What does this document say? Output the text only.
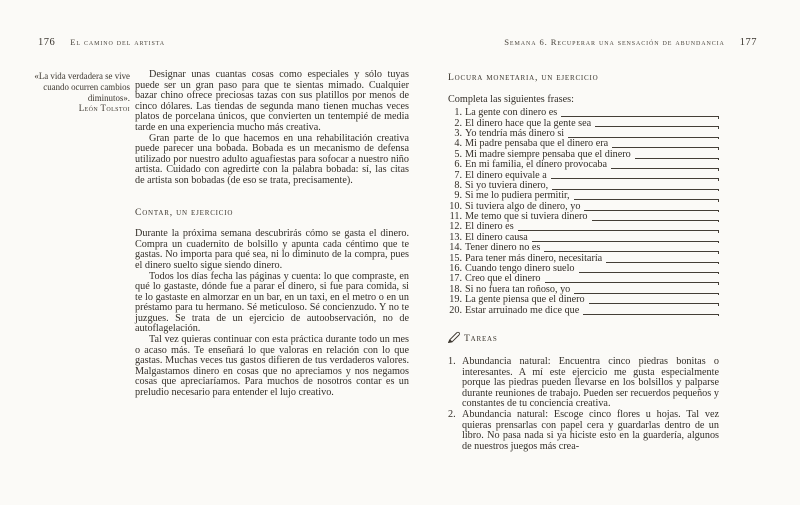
176 El camino del artista
«La vida verdadera se vive cuando ocurren cambios diminutos».
León Tolstoi

Designar unas cuantas cosas como especiales y sólo tuyas puede ser un gran paso para que te sientas mimado. Cualquier bazar chino ofrece preciosas tazas con sus platillos por menos de cinco dólares. Las tiendas de segunda mano tienen muchas veces platos de porcelana únicos, que convierten un tentempié de media tarde en una experiencia mucho más creativa.

Gran parte de lo que hacemos en una rehabilitación creativa puede parecer una bobada. Bobada es un mecanismo de defensa utilizado por nuestro adulto aguafiestas para sofocar a nuestro niño artista. Cuidado con agredirte con la palabra bobada: sí, las citas de artista son bobadas (de eso se trata, precisamente).

Contar, un ejercicio

Durante la próxima semana descubrirás cómo se gasta el dinero. Compra un cuadernito de bolsillo y apunta cada céntimo que te gastas. No importa para qué sea, ni lo diminuto de la compra, pues el dinero suelto sigue siendo dinero.

Todos los días fecha las páginas y cuenta: lo que compraste, en qué lo gastaste, dónde fue a parar el dinero, si fue para comida, si te lo gastaste en almorzar en un bar, en un taxi, en el metro o en un préstamo para tu hermano. Sé meticuloso. Sé concienzudo. Y no te juzgues. Se trata de un ejercicio de autoobservación, no de autoflagelación.

Tal vez quieras continuar con esta práctica durante todo un mes o acaso más. Te enseñará lo que valoras en relación con lo que gastas. Muchas veces tus gastos difieren de tus verdaderos valores. Malgastamos dinero en cosas que no apreciamos y nos negamos cosas que apreciaríamos. Para muchos de nosotros contar es un preludio necesario para entender el lujo creativo.

Semana 6. Recuperar una sensación de abundancia 177
Locura monetaria, un ejercicio
Completa las siguientes frases:
1. La gente con dinero es
2. El dinero hace que la gente sea
3. Yo tendría más dinero si
4. Mi padre pensaba que el dinero era
5. Mi madre siempre pensaba que el dinero
6. En mi familia, el dinero provocaba
7. El dinero equivale a
8. Si yo tuviera dinero,
9. Si me lo pudiera permitir,
10. Si tuviera algo de dinero, yo
11. Me temo que si tuviera dinero
12. El dinero es
13. El dinero causa
14. Tener dinero no es
15. Para tener más dinero, necesitaría
16. Cuando tengo dinero suelo
17. Creo que el dinero
18. Si no fuera tan roñoso, yo
19. La gente piensa que el dinero
20. Estar arruinado me dice que
Tareas
1. Abundancia natural: Encuentra cinco piedras bonitas o interesantes. A mí este ejercicio me gusta especialmente porque las piedras pueden llevarse en los bolsillos y palparse durante reuniones de trabajo. Pueden ser recuerdos pequeños y constantes de tu conciencia creativa.
2. Abundancia natural: Escoge cinco flores u hojas. Tal vez quieras prensarlas con papel cera y guardarlas dentro de un libro. No pasa nada si ya hiciste esto en la guardería, algunos de nuestros juegos más crea-
